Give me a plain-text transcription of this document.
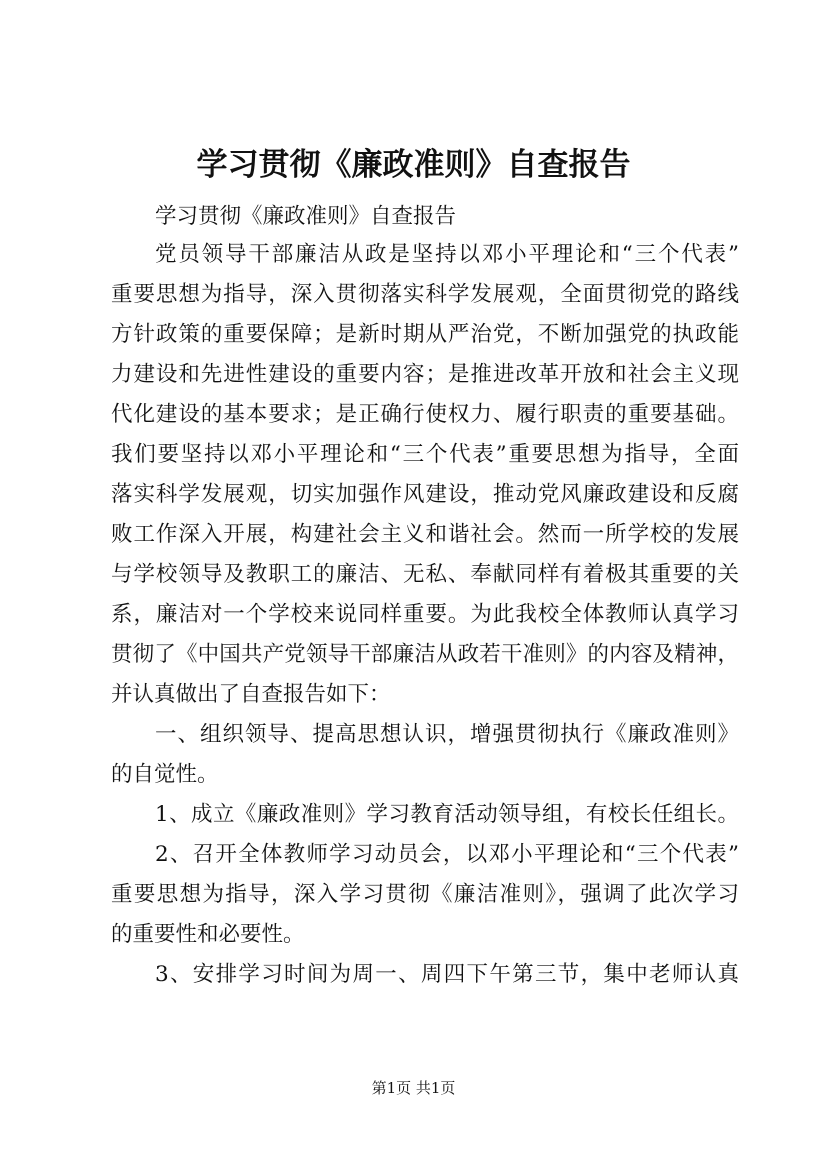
学习贯彻《廉政准则》自查报告
学习贯彻《廉政准则》自查报告
党员领导干部廉洁从政是坚持以邓小平理论和“三个代表”
重要思想为指导，深入贯彻落实科学发展观，全面贯彻党的路线
方针政策的重要保障；是新时期从严治党，不断加强党的执政能
力建设和先进性建设的重要内容；是推进改革开放和社会主义现
代化建设的基本要求；是正确行使权力、履行职责的重要基础。
我们要坚持以邓小平理论和“三个代表”重要思想为指导，全面
落实科学发展观，切实加强作风建设，推动党风廉政建设和反腐
败工作深入开展，构建社会主义和谐社会。然而一所学校的发展
与学校领导及教职工的廉洁、无私、奉献同样有着极其重要的关
系，廉洁对一个学校来说同样重要。为此我校全体教师认真学习
贯彻了《中国共产党领导干部廉洁从政若干准则》的内容及精神，
并认真做出了自查报告如下：
一、组织领导、提高思想认识，增强贯彻执行《廉政准则》
的自觉性。
1、成立《廉政准则》学习教育活动领导组，有校长任组长。
2、召开全体教师学习动员会，以邓小平理论和“三个代表”
重要思想为指导，深入学习贯彻《廉洁准则》，强调了此次学习
的重要性和必要性。
3、安排学习时间为周一、周四下午第三节，集中老师认真
第1页 共1页
